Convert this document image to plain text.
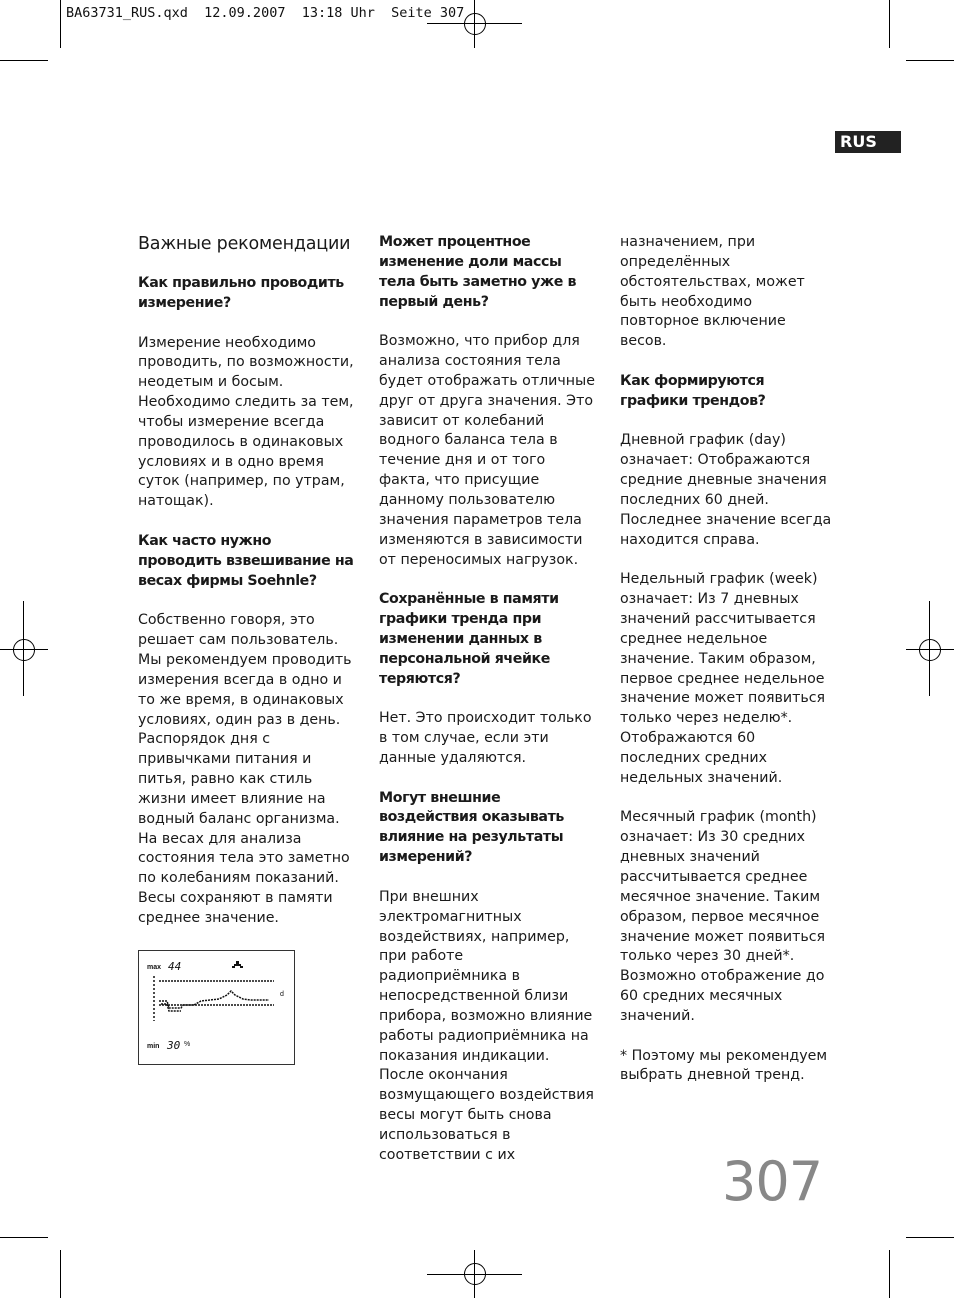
BA63731_RUS.qxd  12.09.2007  13:18 Uhr  Seite 307
RUS
Важные рекомендации
Как правильно проводить измерение?

Измерение необходимо проводить, по возможности, неодетым и босым. Необходимо следить за тем, чтобы измерение всегда проводилось в одинаковых условиях и в одно время суток (например, по утрам, натощак).

Как часто нужно проводить взвешивание на весах фирмы Soehnle?

Собственно говоря, это решает сам пользователь. Мы рекомендуем проводить измерения всегда в одно и то же время, в одинаковых условиях, один раз в день. Распорядок дня с привычками питания и питья, равно как стиль жизни имеет влияние на водный баланс организма. На весах для анализа состояния тела это заметно по колебаниям показаний. Весы сохраняют в памяти среднее значение.

max 44
min 30 %
d
Может процентное изменение доли массы тела быть заметно уже в первый день?

Возможно, что прибор для анализа состояния тела будет отображать отличные друг от друга значения. Это зависит от колебаний водного баланса тела в течение дня и от того факта, что присущие данному пользователю значения параметров тела изменяются в зависимости от переносимых нагрузок.

Сохранённые в памяти графики тренда при изменении данных в персональной ячейке теряются?

Нет. Это происходит только в том случае, если эти данные удаляются.

Могут внешние воздействия оказывать влияние на результаты измерений?

При внешних электромагнитных воздействиях, например, при работе радиоприёмника в непосредственной близи прибора, возможно влияние работы радиоприёмника на показания индикации. После окончания возмущающего воздействия весы могут быть снова использоваться в соответствии с их

назначением, при определённых обстоятельствах, может быть необходимо повторное включение весов.

Как формируются графики трендов?

Дневной график (day) означает: Отображаются средние дневные значения последних 60 дней. Последнее значение всегда находится справа.

Недельный график (week) означает: Из 7 дневных значений рассчитывается среднее недельное значение. Таким образом, первое среднее недельное значение может появиться только через неделю*. Отображаются 60 последних средних недельных значений.

Месячный график (month) означает: Из 30 средних дневных значений рассчитывается среднее месячное значение. Таким образом, первое месячное значение может появиться только через 30 дней*. Возможно отображение до 60 средних месячных значений.

* Поэтому мы рекомендуем выбрать дневной тренд.

307
